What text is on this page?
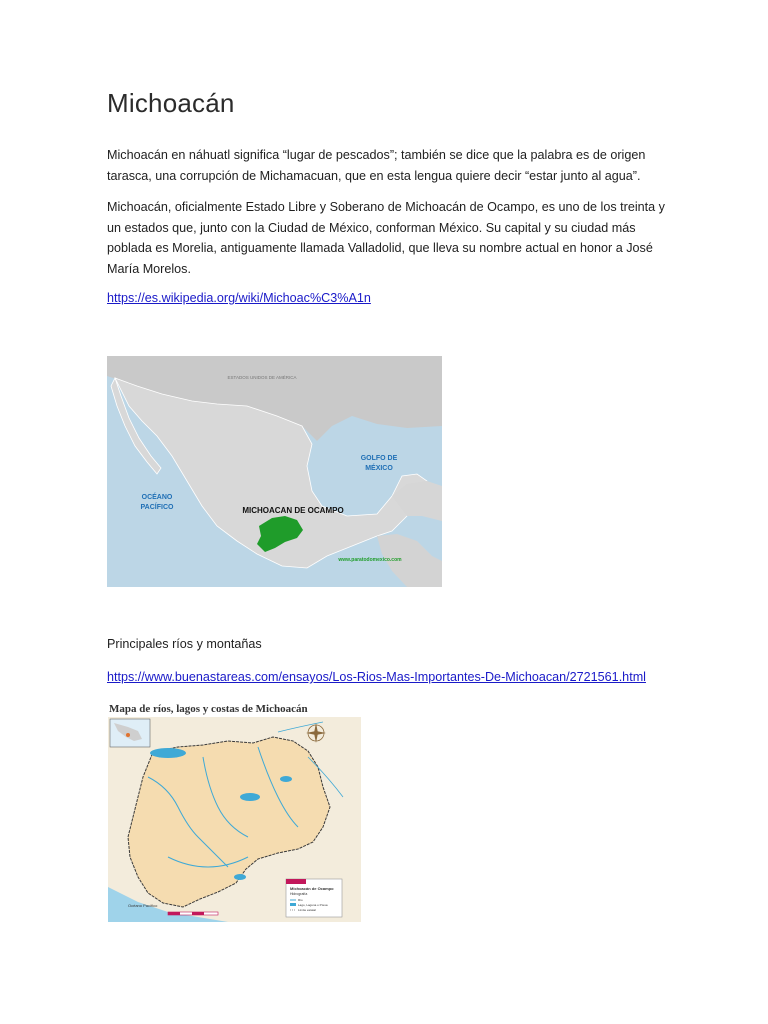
Michoacán

Michoacán en náhuatl significa “lugar de pescados”; también se dice que la palabra es de origen tarasca, una corrupción de Michamacuan, que en esta lengua quiere decir “estar junto al agua”.

Michoacán, oficialmente Estado Libre y Soberano de Michoacán de Ocampo, es uno de los treinta y un estados que, junto con la Ciudad de México, conforman México. Su capital y su ciudad más poblada es Morelia, antiguamente llamada Valladolid, que lleva su nombre actual en honor a José María Morelos.

https://es.wikipedia.org/wiki/Michoac%C3%A1n
ESTADOS UNIDOS DE AMÉRICA
GOLFO DE
MÉXICO
OCÉANO
PACÍFICO	MICHOACAN DE OCAMPO
www.paratodomexico.com
Principales ríos y montañas
https://www.buenastareas.com/ensayos/Los-Rios-Mas-Importantes-De-Michoacan/2721561.html
Mapa de ríos, lagos y costas de Michoacán
Michoacán de Ocampo
Hidrografía
Río
Lago, Laguna o Presa
Límite estatal
Océano Pacífico
